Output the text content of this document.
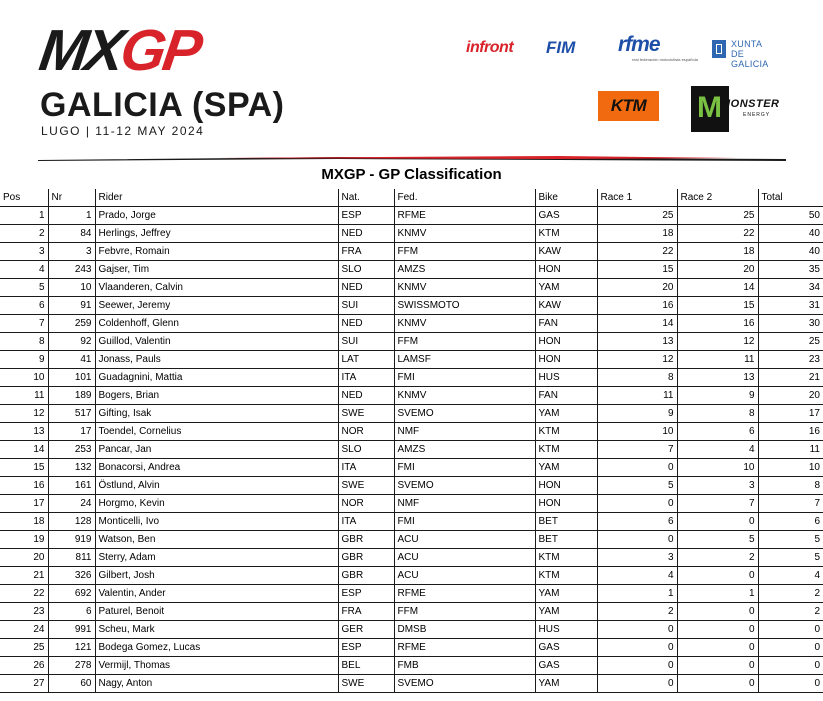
MXGP
GALICIA (SPA)
LUGO | 11-12 MAY 2024
infront FIM rfme
real federación motociclista española
XUNTA
DE GALICIA
KTM	M MONSTER
ENERGY
MXGP - GP Classification
Pos	Nr	Rider	Nat.	Fed.	Bike	Race 1	Race 2	Total
1	1	Prado, Jorge	ESP	RFME	GAS	25	25	50
2	84	Herlings, Jeffrey	NED	KNMV	KTM	18	22	40
3	3	Febvre, Romain	FRA	FFM	KAW	22	18	40
4	243	Gajser, Tim	SLO	AMZS	HON	15	20	35
5	10	Vlaanderen, Calvin	NED	KNMV	YAM	20	14	34
6	91	Seewer, Jeremy	SUI	SWISSMOTO	KAW	16	15	31
7	259	Coldenhoff, Glenn	NED	KNMV	FAN	14	16	30
8	92	Guillod, Valentin	SUI	FFM	HON	13	12	25
9	41	Jonass, Pauls	LAT	LAMSF	HON	12	11	23
10	101	Guadagnini, Mattia	ITA	FMI	HUS	8	13	21
11	189	Bogers, Brian	NED	KNMV	FAN	11	9	20
12	517	Gifting, Isak	SWE	SVEMO	YAM	9	8	17
13	17	Toendel, Cornelius	NOR	NMF	KTM	10	6	16
14	253	Pancar, Jan	SLO	AMZS	KTM	7	4	11
15	132	Bonacorsi, Andrea	ITA	FMI	YAM	0	10	10
16	161	Östlund, Alvin	SWE	SVEMO	HON	5	3	8
17	24	Horgmo, Kevin	NOR	NMF	HON	0	7	7
18	128	Monticelli, Ivo	ITA	FMI	BET	6	0	6
19	919	Watson, Ben	GBR	ACU	BET	0	5	5
20	811	Sterry, Adam	GBR	ACU	KTM	3	2	5
21	326	Gilbert, Josh	GBR	ACU	KTM	4	0	4
22	692	Valentin, Ander	ESP	RFME	YAM	1	1	2
23	6	Paturel, Benoit	FRA	FFM	YAM	2	0	2
24	991	Scheu, Mark	GER	DMSB	HUS	0	0	0
25	121	Bodega Gomez, Lucas	ESP	RFME	GAS	0	0	0
26	278	Vermijl, Thomas	BEL	FMB	GAS	0	0	0
27	60	Nagy, Anton	SWE	SVEMO	YAM	0	0	0
